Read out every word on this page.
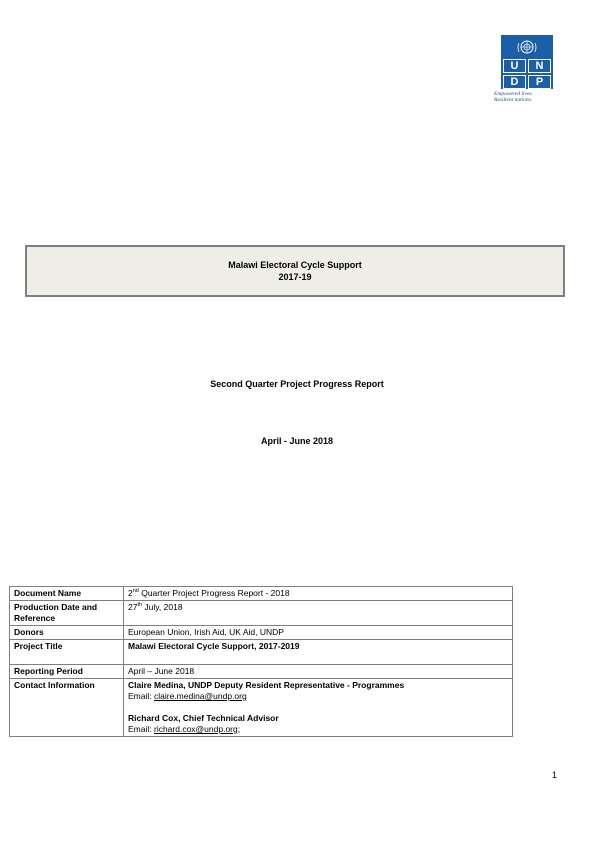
U	N
D	P
Empowered lives.
Resilient nations.
Malawi Electoral Cycle Support
2017-19
Second Quarter Project Progress Report
April - June 2018
Document Name	2nd Quarter Project Progress Report - 2018
Production Date and Reference	27th July, 2018
Donors	European Union, Irish Aid, UK Aid, UNDP
Project Title	Malawi Electoral Cycle Support, 2017-2019
Reporting Period	April – June 2018
Contact Information	Claire Medina, UNDP Deputy Resident Representative - Programmes
Email: claire.medina@undp.org
Richard Cox, Chief Technical Advisor
Email: richard.cox@undp.org;
1
